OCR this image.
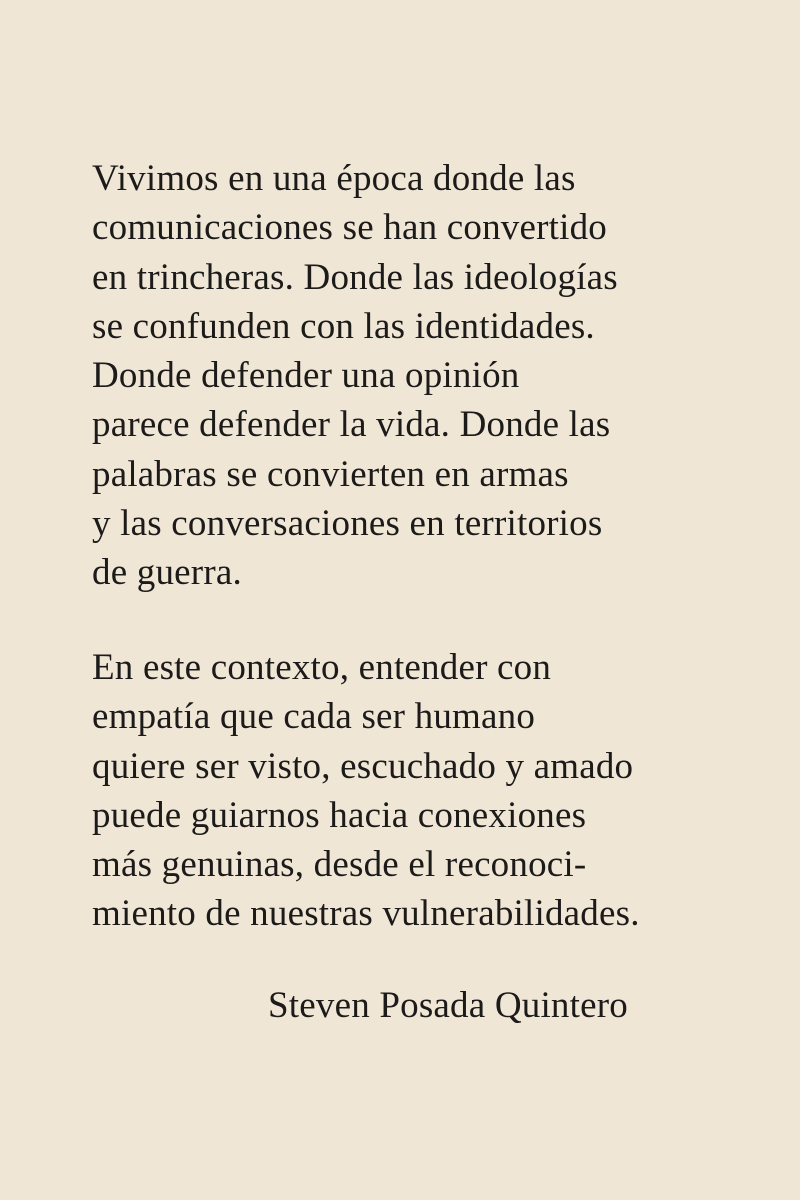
Vivimos en una época donde las
comunicaciones se han convertido
en trincheras. Donde las ideologías
se confunden con las identidades.
Donde defender una opinión
parece defender la vida. Donde las
palabras se convierten en armas
y las conversaciones en territorios
de guerra.
En este contexto, entender con
empatía que cada ser humano
quiere ser visto, escuchado y amado
puede guiarnos hacia conexiones
más genuinas, desde el reconoci-
miento de nuestras vulnerabilidades.
Steven Posada Quintero
